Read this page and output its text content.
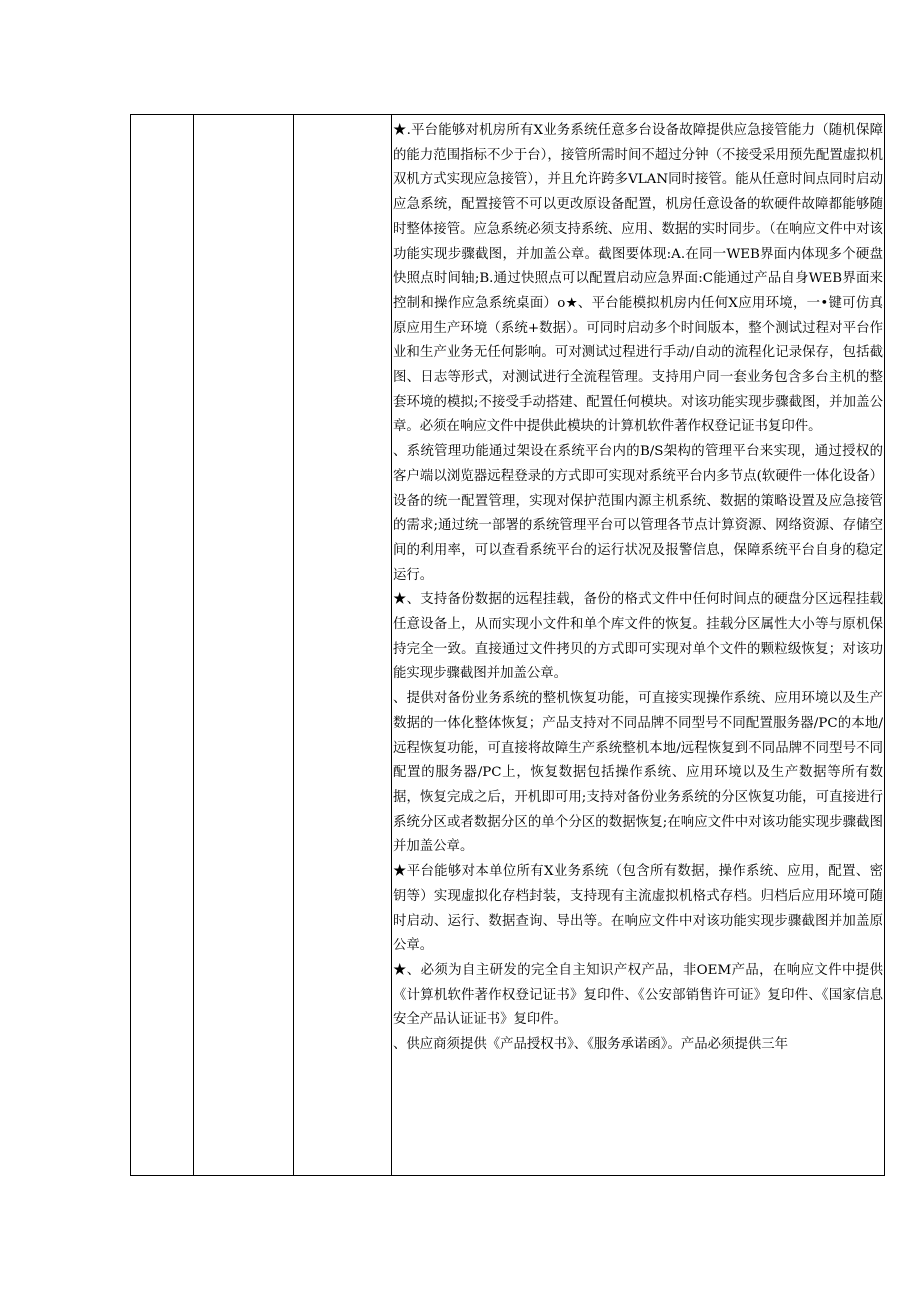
★.平台能够对机房所有X业务系统任意多台设备故障提供应急接管能力（随机保障的能力范围指标不少于台），接管所需时间不超过分钟（不接受采用预先配置虚拟机双机方式实现应急接管），并且允许跨多VLAN同时接管。能从任意时间点同时启动应急系统，配置接管不可以更改原设备配置，机房任意设备的软硬件故障都能够随时整体接管。应急系统必须支持系统、应用、数据的实时同步。（在响应文件中对该功能实现步骤截图，并加盖公章。截图要体现:A.在同一WEB界面内体现多个硬盘快照点时间轴;B.通过快照点可以配置启动应急界面:C能通过产品自身WEB界面来控制和操作应急系统桌面）o★、平台能模拟机房内任何X应用环境，一•键可仿真原应用生产环境（系统+数据）。可同时启动多个时间版本，整个测试过程对平台作业和生产业务无任何影响。可对测试过程进行手动/自动的流程化记录保存，包括截图、日志等形式，对测试进行全流程管理。支持用户同一套业务包含多台主机的整套环境的模拟;不接受手动搭建、配置任何模块。对该功能实现步骤截图，并加盖公章。必须在响应文件中提供此模块的计算机软件著作权登记证书复印件。

、系统管理功能通过架设在系统平台内的B/S架构的管理平台来实现，通过授权的客户端以浏览器远程登录的方式即可实现对系统平台内多节点(软硬件一体化设备）设备的统一配置管理，实现对保护范围内源主机系统、数据的策略设置及应急接管的需求;通过统一部署的系统管理平台可以管理各节点计算资源、网络资源、存储空间的利用率，可以查看系统平台的运行状况及报警信息，保障系统平台自身的稳定运行。

★、支持备份数据的远程挂载，备份的格式文件中任何时间点的硬盘分区远程挂载任意设备上，从而实现小文件和单个库文件的恢复。挂载分区属性大小等与原机保持完全一致。直接通过文件拷贝的方式即可实现对单个文件的颗粒级恢复；对该功能实现步骤截图并加盖公章。

、提供对备份业务系统的整机恢复功能，可直接实现操作系统、应用环境以及生产数据的一体化整体恢复；产品支持对不同品牌不同型号不同配置服务器/PC的本地/远程恢复功能，可直接将故障生产系统整机本地/远程恢复到不同品牌不同型号不同配置的服务器/PC上，恢复数据包括操作系统、应用环境以及生产数据等所有数据，恢复完成之后，开机即可用;支持对备份业务系统的分区恢复功能，可直接进行系统分区或者数据分区的单个分区的数据恢复;在响应文件中对该功能实现步骤截图并加盖公章。

★平台能够对本单位所有X业务系统（包含所有数据，操作系统、应用，配置、密钥等）实现虚拟化存档封装，支持现有主流虚拟机格式存档。归档后应用环境可随时启动、运行、数据查询、导出等。在响应文件中对该功能实现步骤截图并加盖原公章。

★、必须为自主研发的完全自主知识产权产品，非OEM产品，在响应文件中提供《计算机软件著作权登记证书》复印件、《公安部销售许可证》复印件、《国家信息安全产品认证证书》复印件。

、供应商须提供《产品授权书》、《服务承诺函》。产品必须提供三年
